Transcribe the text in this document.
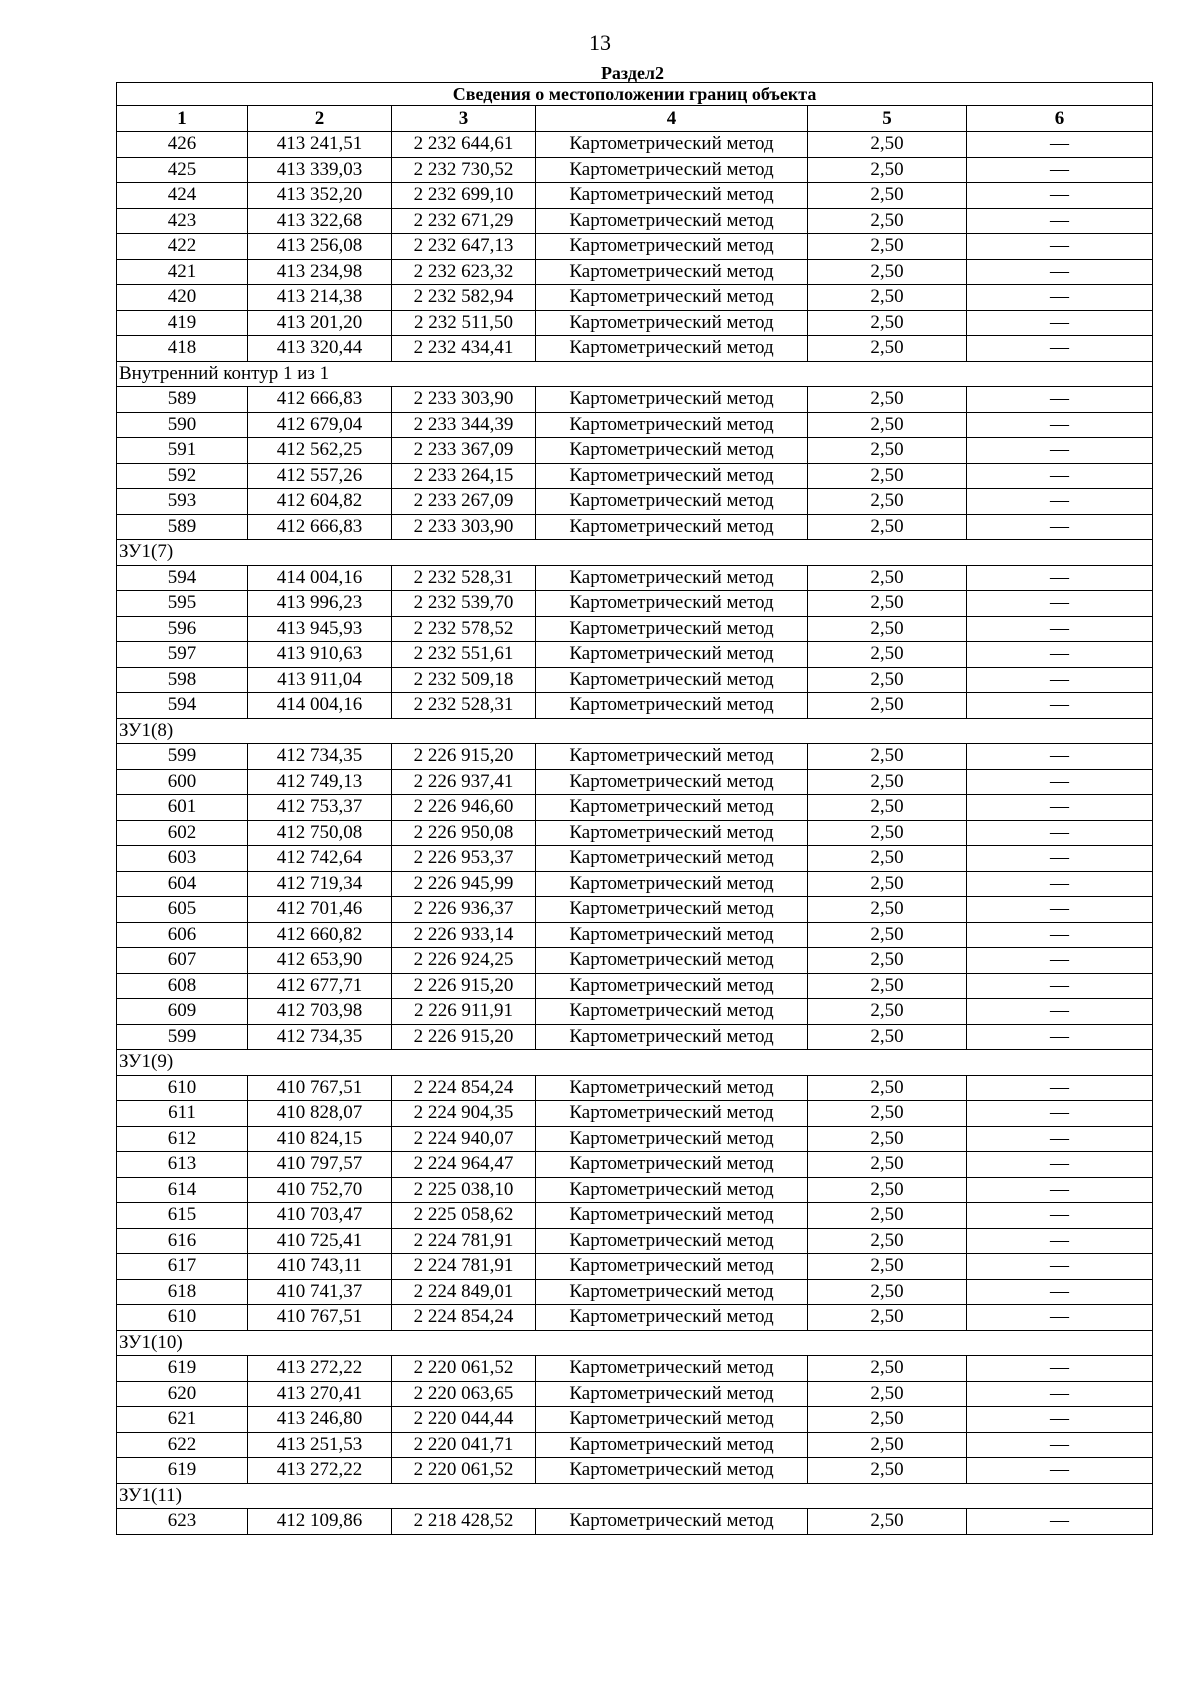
13
Раздел2
Сведения о местоположении границ объекта					
1	2	3	4	5	6
426	413 241,51	2 232 644,61	Картометрический метод	2,50	—
425	413 339,03	2 232 730,52	Картометрический метод	2,50	—
424	413 352,20	2 232 699,10	Картометрический метод	2,50	—
423	413 322,68	2 232 671,29	Картометрический метод	2,50	—
422	413 256,08	2 232 647,13	Картометрический метод	2,50	—
421	413 234,98	2 232 623,32	Картометрический метод	2,50	—
420	413 214,38	2 232 582,94	Картометрический метод	2,50	—
419	413 201,20	2 232 511,50	Картометрический метод	2,50	—
418	413 320,44	2 232 434,41	Картометрический метод	2,50	—
Внутренний контур 1 из 1					
589	412 666,83	2 233 303,90	Картометрический метод	2,50	—
590	412 679,04	2 233 344,39	Картометрический метод	2,50	—
591	412 562,25	2 233 367,09	Картометрический метод	2,50	—
592	412 557,26	2 233 264,15	Картометрический метод	2,50	—
593	412 604,82	2 233 267,09	Картометрический метод	2,50	—
589	412 666,83	2 233 303,90	Картометрический метод	2,50	—
ЗУ1(7)					
594	414 004,16	2 232 528,31	Картометрический метод	2,50	—
595	413 996,23	2 232 539,70	Картометрический метод	2,50	—
596	413 945,93	2 232 578,52	Картометрический метод	2,50	—
597	413 910,63	2 232 551,61	Картометрический метод	2,50	—
598	413 911,04	2 232 509,18	Картометрический метод	2,50	—
594	414 004,16	2 232 528,31	Картометрический метод	2,50	—
ЗУ1(8)					
599	412 734,35	2 226 915,20	Картометрический метод	2,50	—
600	412 749,13	2 226 937,41	Картометрический метод	2,50	—
601	412 753,37	2 226 946,60	Картометрический метод	2,50	—
602	412 750,08	2 226 950,08	Картометрический метод	2,50	—
603	412 742,64	2 226 953,37	Картометрический метод	2,50	—
604	412 719,34	2 226 945,99	Картометрический метод	2,50	—
605	412 701,46	2 226 936,37	Картометрический метод	2,50	—
606	412 660,82	2 226 933,14	Картометрический метод	2,50	—
607	412 653,90	2 226 924,25	Картометрический метод	2,50	—
608	412 677,71	2 226 915,20	Картометрический метод	2,50	—
609	412 703,98	2 226 911,91	Картометрический метод	2,50	—
599	412 734,35	2 226 915,20	Картометрический метод	2,50	—
ЗУ1(9)					
610	410 767,51	2 224 854,24	Картометрический метод	2,50	—
611	410 828,07	2 224 904,35	Картометрический метод	2,50	—
612	410 824,15	2 224 940,07	Картометрический метод	2,50	—
613	410 797,57	2 224 964,47	Картометрический метод	2,50	—
614	410 752,70	2 225 038,10	Картометрический метод	2,50	—
615	410 703,47	2 225 058,62	Картометрический метод	2,50	—
616	410 725,41	2 224 781,91	Картометрический метод	2,50	—
617	410 743,11	2 224 781,91	Картометрический метод	2,50	—
618	410 741,37	2 224 849,01	Картометрический метод	2,50	—
610	410 767,51	2 224 854,24	Картометрический метод	2,50	—
ЗУ1(10)					
619	413 272,22	2 220 061,52	Картометрический метод	2,50	—
620	413 270,41	2 220 063,65	Картометрический метод	2,50	—
621	413 246,80	2 220 044,44	Картометрический метод	2,50	—
622	413 251,53	2 220 041,71	Картометрический метод	2,50	—
619	413 272,22	2 220 061,52	Картометрический метод	2,50	—
ЗУ1(11)					
623	412 109,86	2 218 428,52	Картометрический метод	2,50	—
